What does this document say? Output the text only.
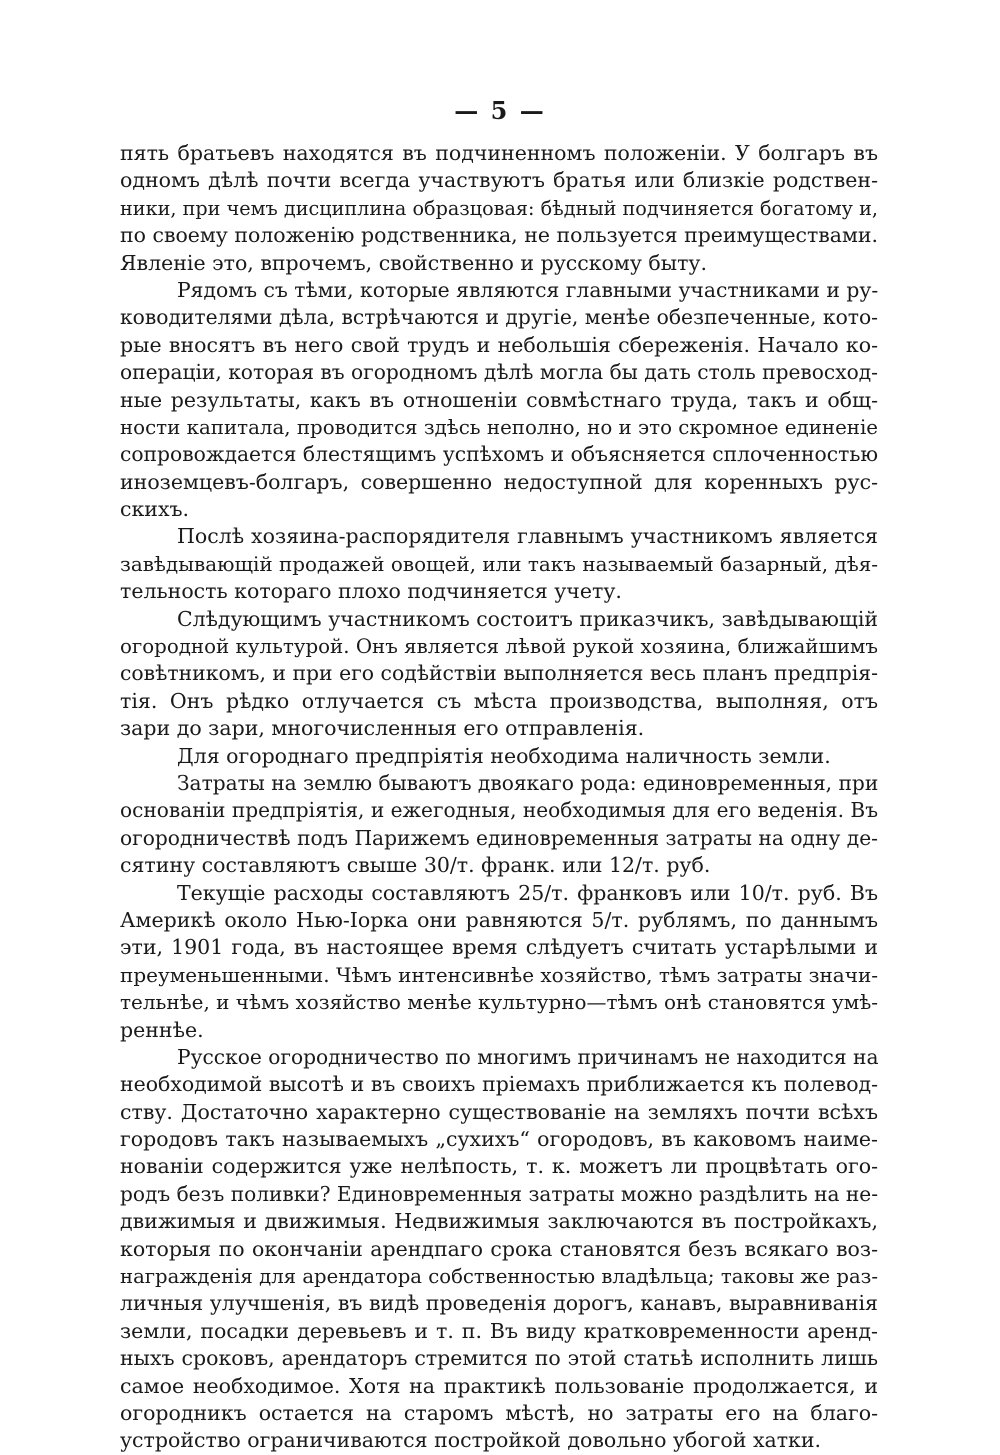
— 5 —
пять братьевъ находятся въ подчиненномъ положеніи. У болгаръ въ
одномъ дѣлѣ почти всегда участвуютъ братья или близкіе родствен-
ники, при чемъ дисциплина образцовая: бѣдный подчиняется богатому и,
по своему положенію родственника, не пользуется преимуществами.
Явленіе это, впрочемъ, свойственно и русскому быту.
Рядомъ съ тѣми, которые являются главными участниками и ру-
ководителями дѣла, встрѣчаются и другіе, менѣе обезпеченные, кото-
рые вносятъ въ него свой трудъ и небольшія сбереженія. Начало ко-
операціи, которая въ огородномъ дѣлѣ могла бы дать столь превосход-
ные результаты, какъ въ отношеніи совмѣстнаго труда, такъ и общ-
ности капитала, проводится здѣсь неполно, но и это скромное единеніе
сопровождается блестящимъ успѣхомъ и объясняется сплоченностью
иноземцевъ-болгаръ, совершенно недоступной для коренныхъ рус-
скихъ.
Послѣ хозяина-распорядителя главнымъ участникомъ является
завѣдывающій продажей овощей, или такъ называемый базарный, дѣя-
тельность котораго плохо подчиняется учету.
Слѣдующимъ участникомъ состоитъ приказчикъ, завѣдывающій
огородной культурой. Онъ является лѣвой рукой хозяина, ближайшимъ
совѣтникомъ, и при его содѣйствіи выполняется весь планъ предпрія-
тія. Онъ рѣдко отлучается съ мѣста производства, выполняя, отъ
зари до зари, многочисленныя его отправленія.
Для огороднаго предпріятія необходима наличность земли.
Затраты на землю бываютъ двоякаго рода: единовременныя, при
основаніи предпріятія, и ежегодныя, необходимыя для его веденія. Въ
огородничествѣ подъ Парижемъ единовременныя затраты на одну де-
сятину составляютъ свыше 30/т. франк. или 12/т. руб.
Текущіе расходы составляютъ 25/т. франковъ или 10/т. руб. Въ
Америкѣ около Нью-Іорка они равняются 5/т. рублямъ, по даннымъ
эти, 1901 года, въ настоящее время слѣдуетъ считать устарѣлыми и
преуменьшенными. Чѣмъ интенсивнѣе хозяйство, тѣмъ затраты значи-
тельнѣе, и чѣмъ хозяйство менѣе культурно—тѣмъ онѣ становятся умѣ-
реннѣе.
Русское огородничество по многимъ причинамъ не находится на
необходимой высотѣ и въ своихъ пріемахъ приближается къ полевод-
ству. Достаточно характерно существованіе на земляхъ почти всѣхъ
городовъ такъ называемыхъ „сухихъ“ огородовъ, въ каковомъ наиме-
нованіи содержится уже нелѣпость, т. к. можетъ ли процвѣтать ого-
родъ безъ поливки? Единовременныя затраты можно раздѣлить на не-
движимыя и движимыя. Недвижимыя заключаются въ постройкахъ,
которыя по окончаніи арендпаго срока становятся безъ всякаго воз-
награжденія для арендатора собственностью владѣльца; таковы же раз-
личныя улучшенія, въ видѣ проведенія дорогъ, канавъ, выравниванія
земли, посадки деревьевъ и т. п. Въ виду кратковременности аренд-
ныхъ сроковъ, арендаторъ стремится по этой статьѣ исполнить лишь
самое необходимое. Хотя на практикѣ пользованіе продолжается, и
огородникъ остается на старомъ мѣстѣ, но затраты его на благо-
устройство ограничиваются постройкой довольно убогой хатки.
